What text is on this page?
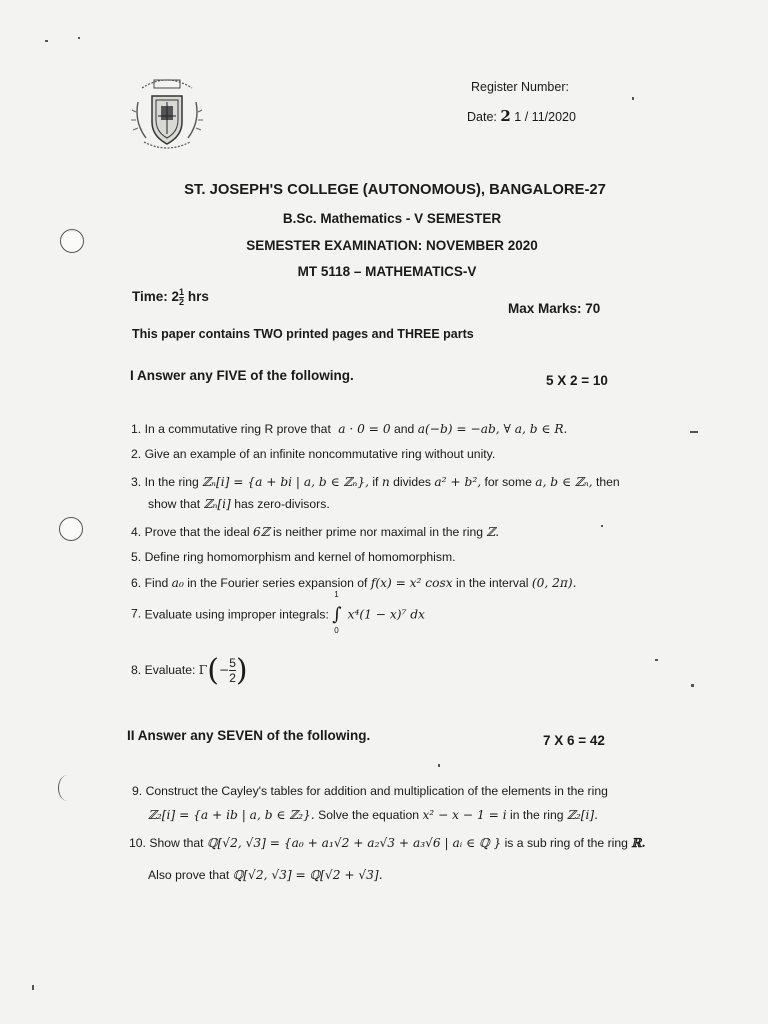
Register Number:
Date: 2 1 / 11/2020
ST. JOSEPH'S COLLEGE (AUTONOMOUS), BANGALORE-27
B.Sc. Mathematics - V SEMESTER
SEMESTER EXAMINATION: NOVEMBER 2020
MT 5118 – MATHEMATICS-V
Time: $2 \frac{1}{2}$ hrs
Max Marks: 70
This paper contains TWO printed pages and THREE parts
I Answer any FIVE of the following.	5 X 2 = 10
1. In a commutative ring R prove that a · 0 = 0 and a(−b) = −ab, ∀ a, b ∈ R.
2. Give an example of an infinite noncommutative ring without unity.
3. In the ring ℤₙ[i] = {a + bi | a, b ∈ ℤₙ}, if n divides a² + b², for some a, b ∈ ℤₙ, then
show that ℤₙ[i] has zero-divisors.
4. Prove that the ideal 6ℤ is neither prime nor maximal in the ring ℤ.
5. Define ring homomorphism and kernel of homomorphism.
6. Find a₀ in the Fourier series expansion of f(x) = x² cosx in the interval (0, 2π).
7. Evaluate using improper integrals:
1
∫
0
x⁴(1 − x)⁷ dx
8. Evaluate: $\Gamma(- \frac{5}{2}$ )
II Answer any SEVEN of the following.	7 X 6 = 42
9. Construct the Cayley's tables for addition and multiplication of the elements in the ring
ℤ₂[i] = {a + ib | a, b ∈ ℤ₂}. Solve the equation x² − x − 1 = i in the ring ℤ₂[i].
10. Show that ℚ[√2, √3] = {a₀ + a₁√2 + a₂√3 + a₃√6 | aᵢ ∈ ℚ } is a sub ring of the ring ℝ.
Also prove that ℚ[√2, √3] = ℚ[√2 + √3].
